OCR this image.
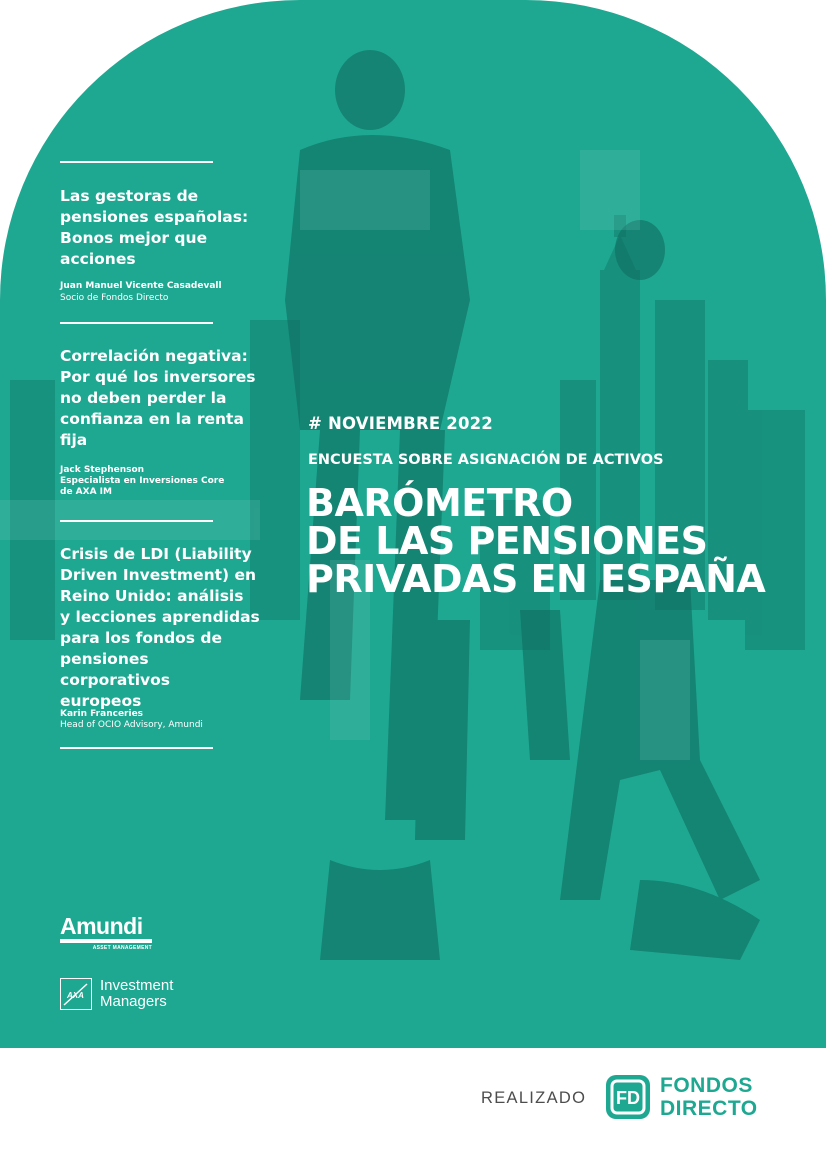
Las gestoras de
pensiones españolas:
Bonos mejor que
acciones
Juan Manuel Vicente Casadevall
Socio de Fondos Directo
Correlación negativa:
Por qué los inversores
no deben perder la
confianza en la renta
fija
Jack Stephenson
Especialista en Inversiones Core
de AXA IM
Crisis de LDI (Liability
Driven Investment) en
Reino Unido: análisis
y lecciones aprendidas
para los fondos de
pensiones corporativos
europeos
Karin Franceries
Head of OCIO Advisory, Amundi
# NOVIEMBRE 2022
ENCUESTA SOBRE ASIGNACIÓN DE ACTIVOS
BARÓMETRO
DE LAS PENSIONES
PRIVADAS EN ESPAÑA
Amundi
ASSET MANAGEMENT
AXA
Investment
Managers
REALIZADO FD
FONDOS
DIRECTO
